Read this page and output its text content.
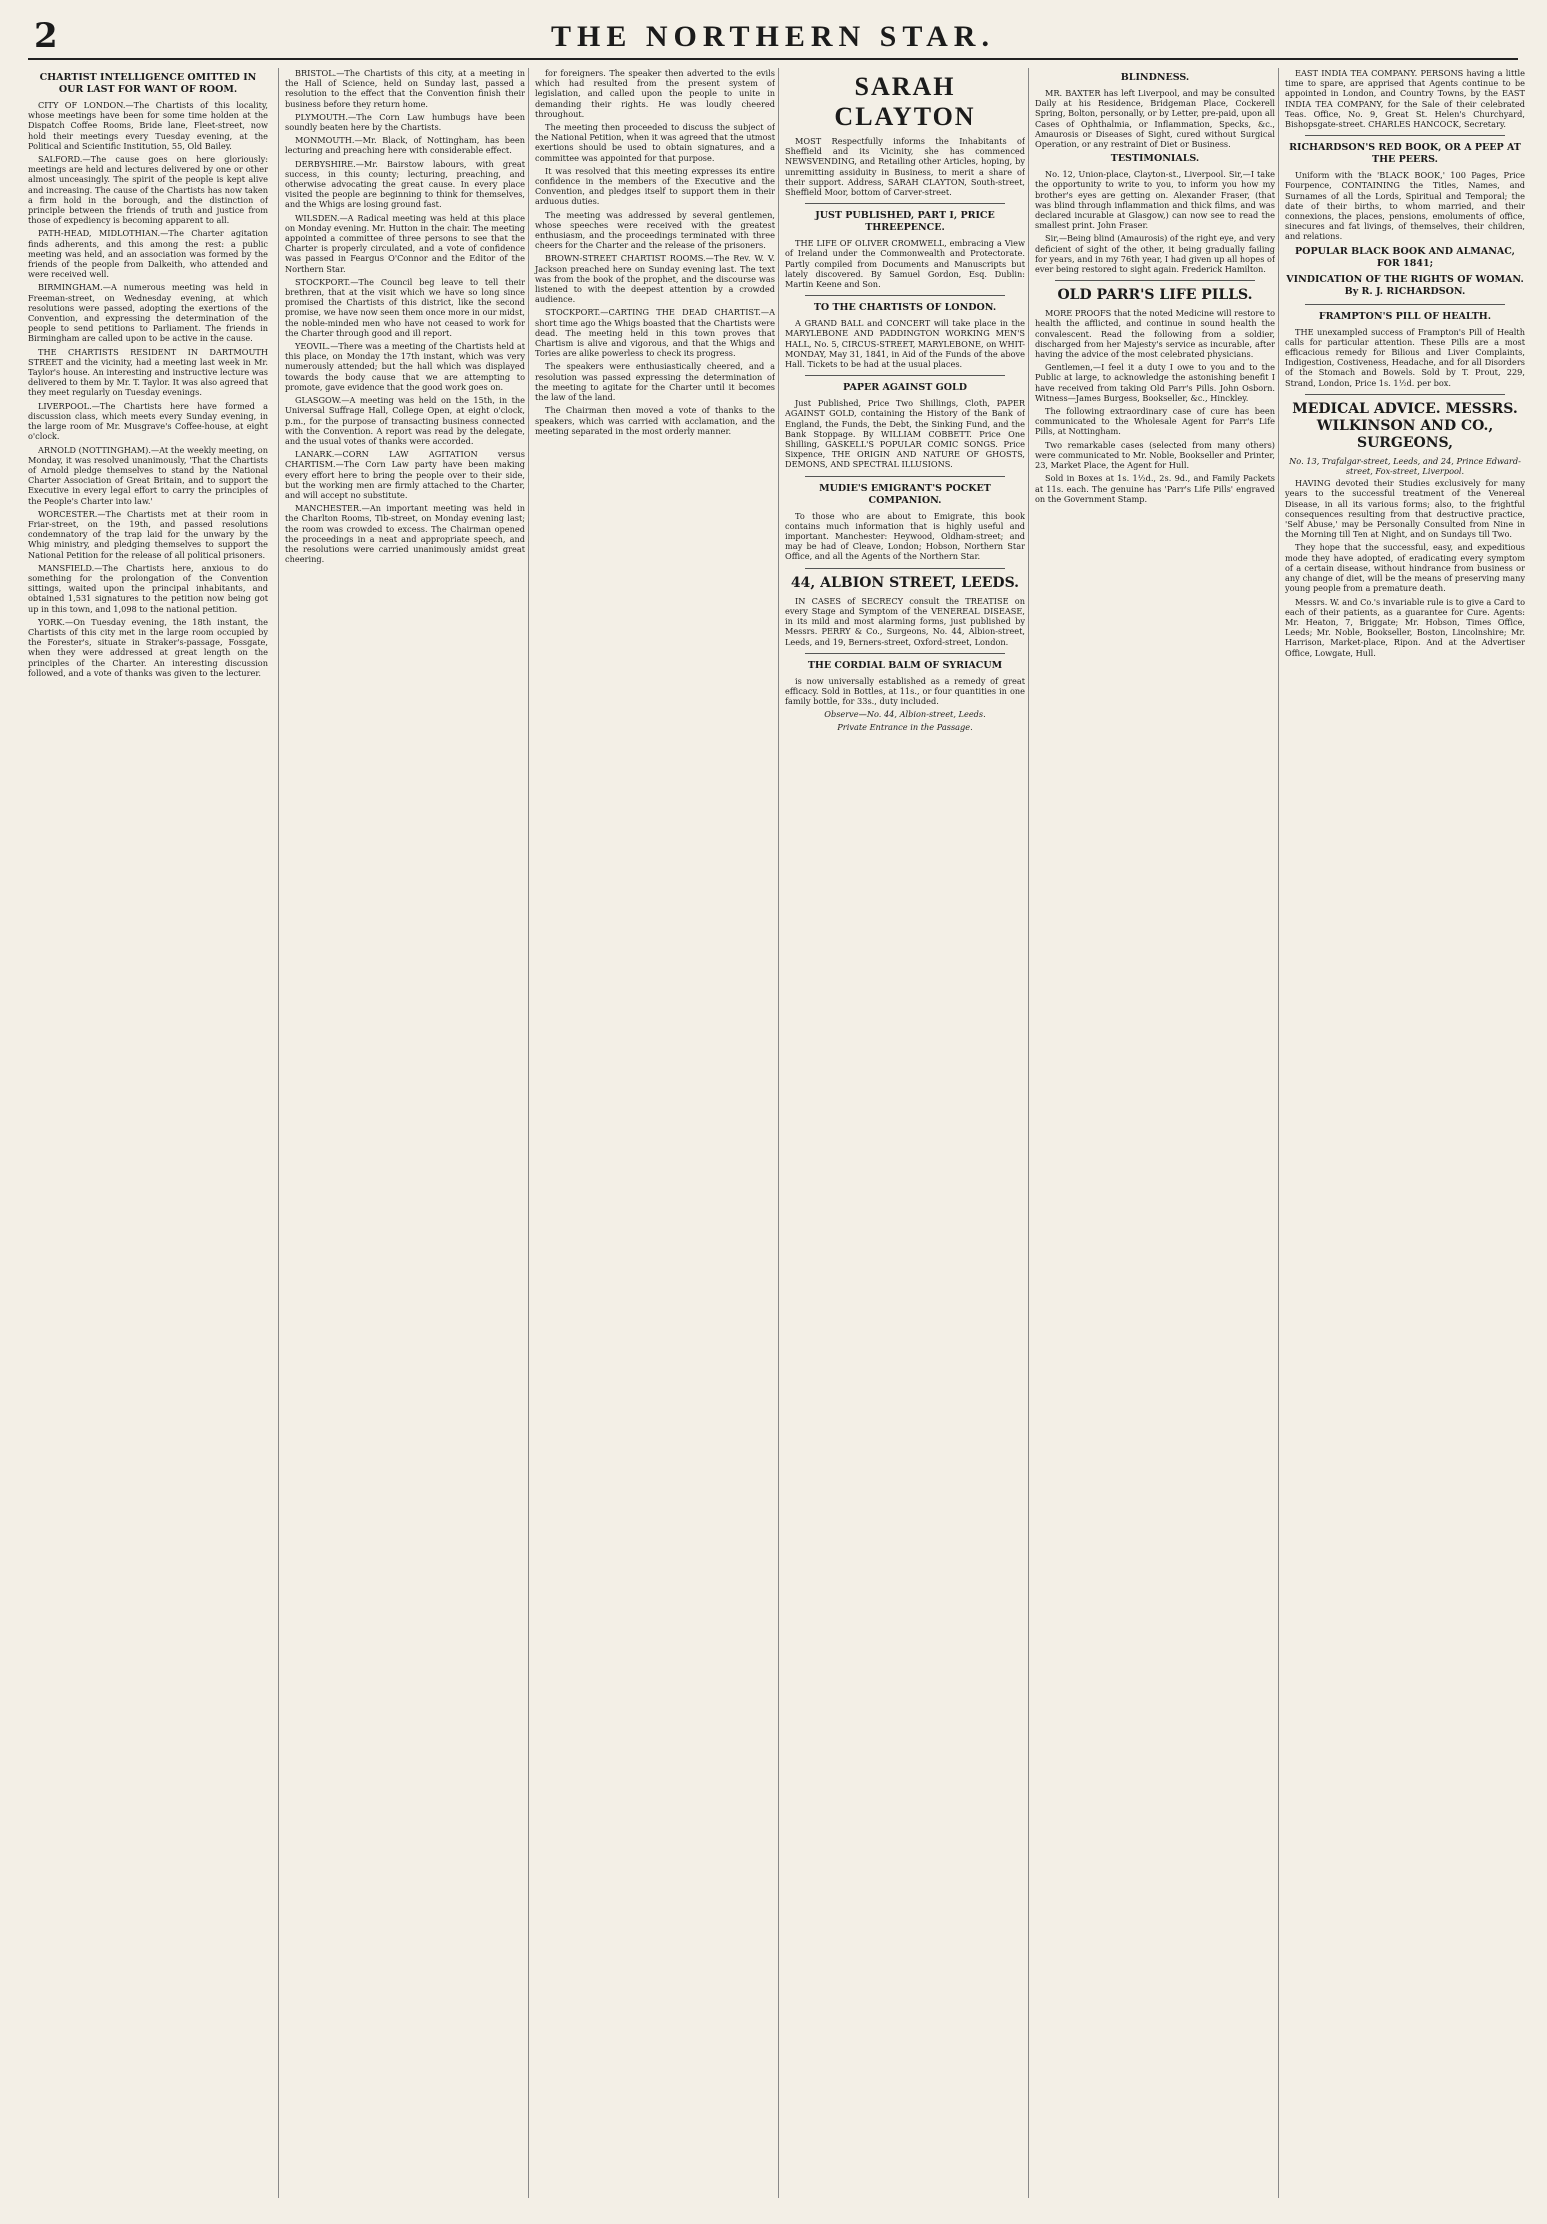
2	THE NORTHERN STAR.
CHARTIST INTELLIGENCE OMITTED IN OUR LAST FOR WANT OF ROOM.

CITY OF LONDON.—The Chartists of this locality, whose meetings have been for some time holden at the Dispatch Coffee Rooms, Bride lane, Fleet-street, now hold their meetings every Tuesday evening, at the Political and Scientific Institution, 55, Old Bailey.

SALFORD.—The cause goes on here gloriously: meetings are held and lectures delivered by one or other almost unceasingly. The spirit of the people is kept alive and increasing. The cause of the Chartists has now taken a firm hold in the borough, and the distinction of principle between the friends of truth and justice from those of expediency is becoming apparent to all.

PATH-HEAD, MIDLOTHIAN.—The Charter agitation finds adherents, and this among the rest: a public meeting was held, and an association was formed by the friends of the people from Dalkeith, who attended and were received well.

BIRMINGHAM.—A numerous meeting was held in Freeman-street, on Wednesday evening, at which resolutions were passed, adopting the exertions of the Convention, and expressing the determination of the people to send petitions to Parliament. The friends in Birmingham are called upon to be active in the cause.

THE CHARTISTS RESIDENT IN DARTMOUTH STREET and the vicinity, had a meeting last week in Mr. Taylor's house. An interesting and instructive lecture was delivered to them by Mr. T. Taylor. It was also agreed that they meet regularly on Tuesday evenings.

LIVERPOOL.—The Chartists here have formed a discussion class, which meets every Sunday evening, in the large room of Mr. Musgrave's Coffee-house, at eight o'clock.

ARNOLD (NOTTINGHAM).—At the weekly meeting, on Monday, it was resolved unanimously, 'That the Chartists of Arnold pledge themselves to stand by the National Charter Association of Great Britain, and to support the Executive in every legal effort to carry the principles of the People's Charter into law.'

WORCESTER.—The Chartists met at their room in Friar-street, on the 19th, and passed resolutions condemnatory of the trap laid for the unwary by the Whig ministry, and pledging themselves to support the National Petition for the release of all political prisoners.

MANSFIELD.—The Chartists here, anxious to do something for the prolongation of the Convention sittings, waited upon the principal inhabitants, and obtained 1,531 signatures to the petition now being got up in this town, and 1,098 to the national petition.

YORK.—On Tuesday evening, the 18th instant, the Chartists of this city met in the large room occupied by the Forester's, situate in Straker's-passage, Fossgate, when they were addressed at great length on the principles of the Charter. An interesting discussion followed, and a vote of thanks was given to the lecturer.

BRISTOL.—The Chartists of this city, at a meeting in the Hall of Science, held on Sunday last, passed a resolution to the effect that the Convention finish their business before they return home.

PLYMOUTH.—The Corn Law humbugs have been soundly beaten here by the Chartists.

MONMOUTH.—Mr. Black, of Nottingham, has been lecturing and preaching here with considerable effect.

DERBYSHIRE.—Mr. Bairstow labours, with great success, in this county; lecturing, preaching, and otherwise advocating the great cause. In every place visited the people are beginning to think for themselves, and the Whigs are losing ground fast.

WILSDEN.—A Radical meeting was held at this place on Monday evening. Mr. Hutton in the chair. The meeting appointed a committee of three persons to see that the Charter is properly circulated, and a vote of confidence was passed in Feargus O'Connor and the Editor of the Northern Star.

STOCKPORT.—The Council beg leave to tell their brethren, that at the visit which we have so long since promised the Chartists of this district, like the second promise, we have now seen them once more in our midst, the noble-minded men who have not ceased to work for the Charter through good and ill report.

YEOVIL.—There was a meeting of the Chartists held at this place, on Monday the 17th instant, which was very numerously attended; but the hall which was displayed towards the body cause that we are attempting to promote, gave evidence that the good work goes on.

GLASGOW.—A meeting was held on the 15th, in the Universal Suffrage Hall, College Open, at eight o'clock, p.m., for the purpose of transacting business connected with the Convention. A report was read by the delegate, and the usual votes of thanks were accorded.

LANARK.—CORN LAW AGITATION versus CHARTISM.—The Corn Law party have been making every effort here to bring the people over to their side, but the working men are firmly attached to the Charter, and will accept no substitute.

MANCHESTER.—An important meeting was held in the Charlton Rooms, Tib-street, on Monday evening last; the room was crowded to excess. The Chairman opened the proceedings in a neat and appropriate speech, and the resolutions were carried unanimously amidst great cheering.

for foreigners. The speaker then adverted to the evils which had resulted from the present system of legislation, and called upon the people to unite in demanding their rights. He was loudly cheered throughout.

The meeting then proceeded to discuss the subject of the National Petition, when it was agreed that the utmost exertions should be used to obtain signatures, and a committee was appointed for that purpose.

It was resolved that this meeting expresses its entire confidence in the members of the Executive and the Convention, and pledges itself to support them in their arduous duties.

The meeting was addressed by several gentlemen, whose speeches were received with the greatest enthusiasm, and the proceedings terminated with three cheers for the Charter and the release of the prisoners.

BROWN-STREET CHARTIST ROOMS.—The Rev. W. V. Jackson preached here on Sunday evening last. The text was from the book of the prophet, and the discourse was listened to with the deepest attention by a crowded audience.

STOCKPORT.—CARTING THE DEAD CHARTIST.—A short time ago the Whigs boasted that the Chartists were dead. The meeting held in this town proves that Chartism is alive and vigorous, and that the Whigs and Tories are alike powerless to check its progress.

The speakers were enthusiastically cheered, and a resolution was passed expressing the determination of the meeting to agitate for the Charter until it becomes the law of the land.

The Chairman then moved a vote of thanks to the speakers, which was carried with acclamation, and the meeting separated in the most orderly manner.

SARAH CLAYTON

MOST Respectfully informs the Inhabitants of Sheffield and its Vicinity, she has commenced NEWSVENDING, and Retailing other Articles, hoping, by unremitting assiduity in Business, to merit a share of their support. Address, SARAH CLAYTON, South-street, Sheffield Moor, bottom of Carver-street.

JUST PUBLISHED, PART I, PRICE THREEPENCE.

THE LIFE OF OLIVER CROMWELL, embracing a View of Ireland under the Commonwealth and Protectorate. Partly compiled from Documents and Manuscripts but lately discovered. By Samuel Gordon, Esq. Dublin: Martin Keene and Son.

TO THE CHARTISTS OF LONDON.

A GRAND BALL and CONCERT will take place in the MARYLEBONE AND PADDINGTON WORKING MEN'S HALL, No. 5, CIRCUS-STREET, MARYLEBONE, on WHIT-MONDAY, May 31, 1841, in Aid of the Funds of the above Hall. Tickets to be had at the usual places.

PAPER AGAINST GOLD

Just Published, Price Two Shillings, Cloth, PAPER AGAINST GOLD, containing the History of the Bank of England, the Funds, the Debt, the Sinking Fund, and the Bank Stoppage. By WILLIAM COBBETT. Price One Shilling, GASKELL'S POPULAR COMIC SONGS. Price Sixpence, THE ORIGIN AND NATURE OF GHOSTS, DEMONS, AND SPECTRAL ILLUSIONS.

MUDIE'S EMIGRANT'S POCKET COMPANION.

To those who are about to Emigrate, this book contains much information that is highly useful and important. Manchester: Heywood, Oldham-street; and may be had of Cleave, London; Hobson, Northern Star Office, and all the Agents of the Northern Star.

44, ALBION STREET, LEEDS.

IN CASES of SECRECY consult the TREATISE on every Stage and Symptom of the VENEREAL DISEASE, in its mild and most alarming forms, just published by Messrs. PERRY & Co., Surgeons, No. 44, Albion-street, Leeds, and 19, Berners-street, Oxford-street, London.

THE CORDIAL BALM OF SYRIACUM

is now universally established as a remedy of great efficacy. Sold in Bottles, at 11s., or four quantities in one family bottle, for 33s., duty included.

Observe—No. 44, Albion-street, Leeds.
Private Entrance in the Passage.
BLINDNESS.

MR. BAXTER has left Liverpool, and may be consulted Daily at his Residence, Bridgeman Place, Cockerell Spring, Bolton, personally, or by Letter, pre-paid, upon all Cases of Ophthalmia, or Inflammation, Specks, &c., Amaurosis or Diseases of Sight, cured without Surgical Operation, or any restraint of Diet or Business.

TESTIMONIALS.

No. 12, Union-place, Clayton-st., Liverpool. Sir,—I take the opportunity to write to you, to inform you how my brother's eyes are getting on. Alexander Fraser, (that was blind through inflammation and thick films, and was declared incurable at Glasgow,) can now see to read the smallest print. John Fraser.

Sir,—Being blind (Amaurosis) of the right eye, and very deficient of sight of the other, it being gradually failing for years, and in my 76th year, I had given up all hopes of ever being restored to sight again. Frederick Hamilton.

OLD PARR'S LIFE PILLS.

MORE PROOFS that the noted Medicine will restore to health the afflicted, and continue in sound health the convalescent. Read the following from a soldier, discharged from her Majesty's service as incurable, after having the advice of the most celebrated physicians.

Gentlemen,—I feel it a duty I owe to you and to the Public at large, to acknowledge the astonishing benefit I have received from taking Old Parr's Pills. John Osborn. Witness—James Burgess, Bookseller, &c., Hinckley.

The following extraordinary case of cure has been communicated to the Wholesale Agent for Parr's Life Pills, at Nottingham.

Two remarkable cases (selected from many others) were communicated to Mr. Noble, Bookseller and Printer, 23, Market Place, the Agent for Hull.

Sold in Boxes at 1s. 1½d., 2s. 9d., and Family Packets at 11s. each. The genuine has 'Parr's Life Pills' engraved on the Government Stamp.

EAST INDIA TEA COMPANY. PERSONS having a little time to spare, are apprised that Agents continue to be appointed in London, and Country Towns, by the EAST INDIA TEA COMPANY, for the Sale of their celebrated Teas. Office, No. 9, Great St. Helen's Churchyard, Bishopsgate-street. CHARLES HANCOCK, Secretary.

RICHARDSON'S RED BOOK, OR A PEEP AT THE PEERS.

Uniform with the 'BLACK BOOK,' 100 Pages, Price Fourpence, CONTAINING the Titles, Names, and Surnames of all the Lords, Spiritual and Temporal; the date of their births, to whom married, and their connexions, the places, pensions, emoluments of office, sinecures and fat livings, of themselves, their children, and relations.

POPULAR BLACK BOOK AND ALMANAC, FOR 1841;
VINDICATION OF THE RIGHTS OF WOMAN. By R. J. RICHARDSON.
FRAMPTON'S PILL OF HEALTH.

THE unexampled success of Frampton's Pill of Health calls for particular attention. These Pills are a most efficacious remedy for Bilious and Liver Complaints, Indigestion, Costiveness, Headache, and for all Disorders of the Stomach and Bowels. Sold by T. Prout, 229, Strand, London, Price 1s. 1½d. per box.

MEDICAL ADVICE. MESSRS. WILKINSON AND CO., SURGEONS,
No. 13, Trafalgar-street, Leeds, and 24, Prince Edward-street, Fox-street, Liverpool.

HAVING devoted their Studies exclusively for many years to the successful treatment of the Venereal Disease, in all its various forms; also, to the frightful consequences resulting from that destructive practice, 'Self Abuse,' may be Personally Consulted from Nine in the Morning till Ten at Night, and on Sundays till Two.

They hope that the successful, easy, and expeditious mode they have adopted, of eradicating every symptom of a certain disease, without hindrance from business or any change of diet, will be the means of preserving many young people from a premature death.

Messrs. W. and Co.'s invariable rule is to give a Card to each of their patients, as a guarantee for Cure. Agents: Mr. Heaton, 7, Briggate; Mr. Hobson, Times Office, Leeds; Mr. Noble, Bookseller, Boston, Lincolnshire; Mr. Harrison, Market-place, Ripon. And at the Advertiser Office, Lowgate, Hull.
